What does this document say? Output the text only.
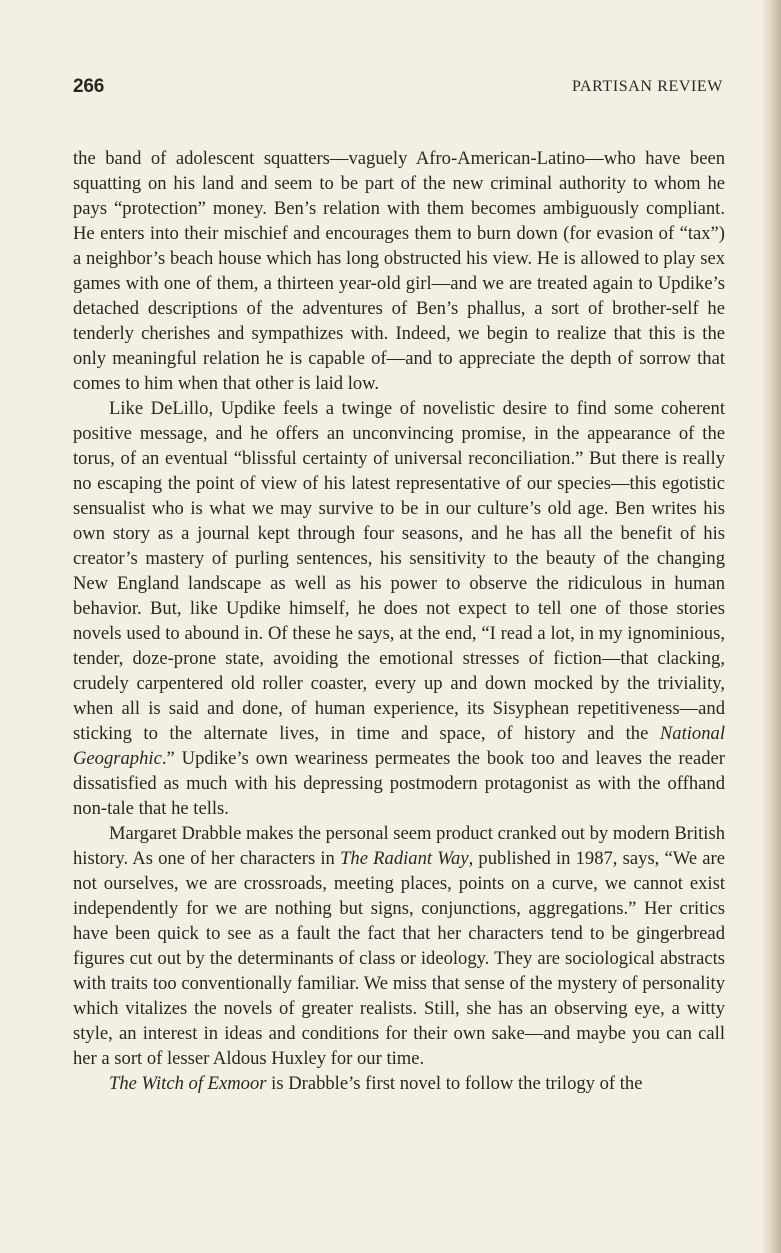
266	PARTISAN REVIEW

the band of adolescent squatters—vaguely Afro-American-Latino—who have been squatting on his land and seem to be part of the new criminal authority to whom he pays “protection” money. Ben’s relation with them becomes ambiguously compliant. He enters into their mischief and encourages them to burn down (for evasion of “tax”) a neighbor’s beach house which has long obstructed his view. He is allowed to play sex games with one of them, a thirteen year-old girl—and we are treated again to Updike’s detached descriptions of the adventures of Ben’s phallus, a sort of brother-self he tenderly cherishes and sympathizes with. Indeed, we begin to realize that this is the only meaningful relation he is capable of—and to appreciate the depth of sorrow that comes to him when that other is laid low.

Like DeLillo, Updike feels a twinge of novelistic desire to find some coherent positive message, and he offers an unconvincing promise, in the appearance of the torus, of an eventual “blissful certainty of universal reconciliation.” But there is really no escaping the point of view of his latest representative of our species—this egotistic sensualist who is what we may survive to be in our culture’s old age. Ben writes his own story as a journal kept through four seasons, and he has all the benefit of his creator’s mastery of purling sentences, his sensitivity to the beauty of the changing New England landscape as well as his power to observe the ridiculous in human behavior. But, like Updike himself, he does not expect to tell one of those stories novels used to abound in. Of these he says, at the end, “I read a lot, in my ignominious, tender, doze-prone state, avoiding the emotional stresses of fiction—that clacking, crudely carpentered old roller coaster, every up and down mocked by the triviality, when all is said and done, of human experience, its Sisyphean repetitiveness—and sticking to the alternate lives, in time and space, of history and the National Geographic.” Updike’s own weariness permeates the book too and leaves the reader dissatisfied as much with his depressing postmodern protagonist as with the offhand non-tale that he tells.

Margaret Drabble makes the personal seem product cranked out by modern British history. As one of her characters in The Radiant Way, published in 1987, says, “We are not ourselves, we are crossroads, meeting places, points on a curve, we cannot exist independently for we are nothing but signs, conjunctions, aggregations.” Her critics have been quick to see as a fault the fact that her characters tend to be gingerbread figures cut out by the determinants of class or ideology. They are sociological abstracts with traits too conventionally familiar. We miss that sense of the mystery of personality which vitalizes the novels of greater realists. Still, she has an observing eye, a witty style, an interest in ideas and conditions for their own sake—and maybe you can call her a sort of lesser Aldous Huxley for our time.

The Witch of Exmoor is Drabble’s first novel to follow the trilogy of the
